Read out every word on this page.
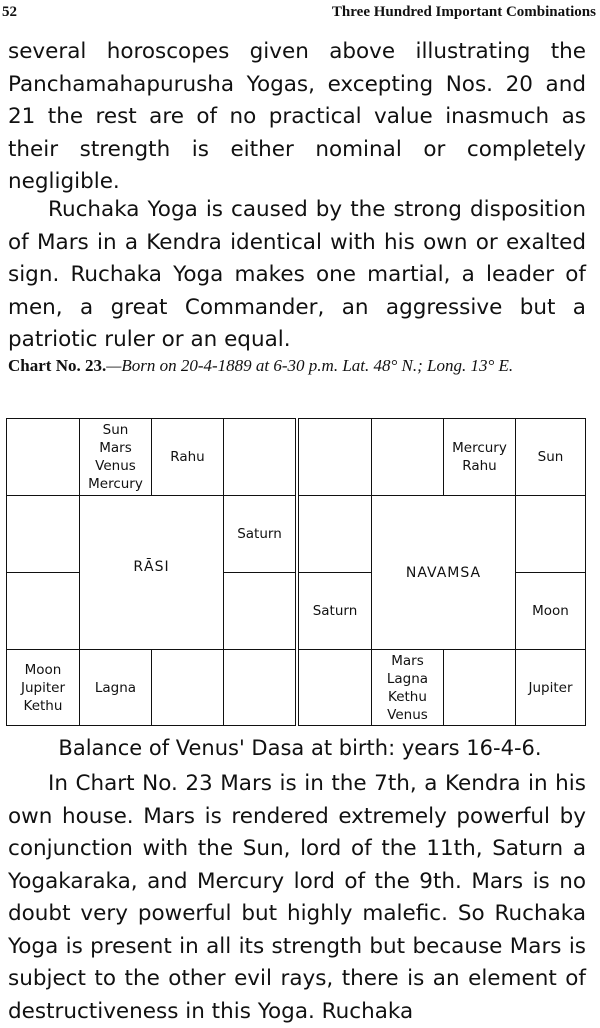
52	Three Hundred Important Combinations

several horoscopes given above illustrating the Panchamahapurusha Yogas, excepting Nos. 20 and 21 the rest are of no practical value inasmuch as their strength is either nominal or completely negligible.

Ruchaka Yoga is caused by the strong disposition of Mars in a Kendra identical with his own or exalted sign. Ruchaka Yoga makes one martial, a leader of men, a great Commander, an aggressive but a patriotic ruler or an equal.

Chart No. 23.—Born on 20-4-1889 at 6-30 p.m. Lat. 48° N.; Long. 13° E.
Sun
Mars
Venus
Mercury
Rahu
Saturn
Moon
Jupiter
Kethu
Lagna
RĀSI
Mercury
Rahu
Sun
Moon
Mars
Lagna
Kethu
Venus
Jupiter
Saturn
NAVAMSA
Balance of Venus' Dasa at birth: years 16-4-6.

In Chart No. 23 Mars is in the 7th, a Kendra in his own house. Mars is rendered extremely powerful by conjunction with the Sun, lord of the 11th, Saturn a Yogakaraka, and Mercury lord of the 9th. Mars is no doubt very powerful but highly malefic. So Ruchaka Yoga is present in all its strength but because Mars is subject to the other evil rays, there is an element of destructiveness in this Yoga. Ruchaka
